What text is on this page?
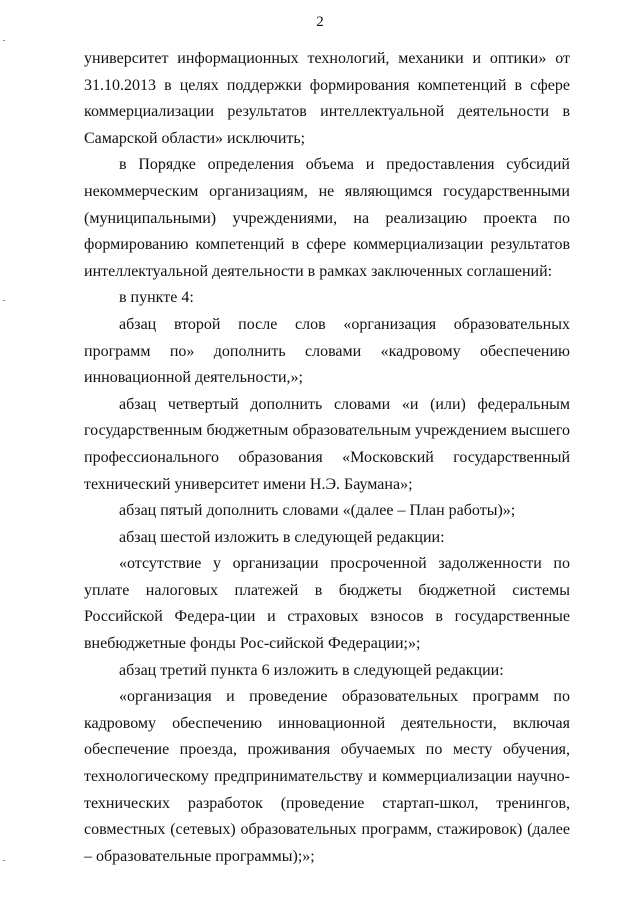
2

университет информационных технологий, механики и оптики» от 31.10.2013 в целях поддержки формирования компетенций в сфере коммерциализации результатов интеллектуальной деятельности в Самарской области» исключить;

в Порядке определения объема и предоставления субсидий некоммерческим организациям, не являющимся государственными (муниципальными) учреждениями, на реализацию проекта по формированию компетенций в сфере коммерциализации результатов интеллектуальной деятельности в рамках заключенных соглашений:

в пункте 4:

абзац второй после слов «организация образовательных программ по» дополнить словами «кадровому обеспечению инновационной деятельности,»;

абзац четвертый дополнить словами «и (или) федеральным государственным бюджетным образовательным учреждением высшего профессионального образования «Московский государственный технический университет имени Н.Э. Баумана»;

абзац пятый дополнить словами «(далее – План работы)»;

абзац шестой изложить в следующей редакции:

«отсутствие у организации просроченной задолженности по уплате налоговых платежей в бюджеты бюджетной системы Российской Федера-ции и страховых взносов в государственные внебюджетные фонды Рос-сийской Федерации;»;

абзац третий пункта 6 изложить в следующей редакции:

«организация и проведение образовательных программ по кадровому обеспечению инновационной деятельности, включая обеспечение проезда, проживания обучаемых по месту обучения, технологическому предпринимательству и коммерциализации научно-технических разработок (проведение стартап-школ, тренингов, совместных (сетевых) образовательных программ, стажировок) (далее – образовательные программы);»;
